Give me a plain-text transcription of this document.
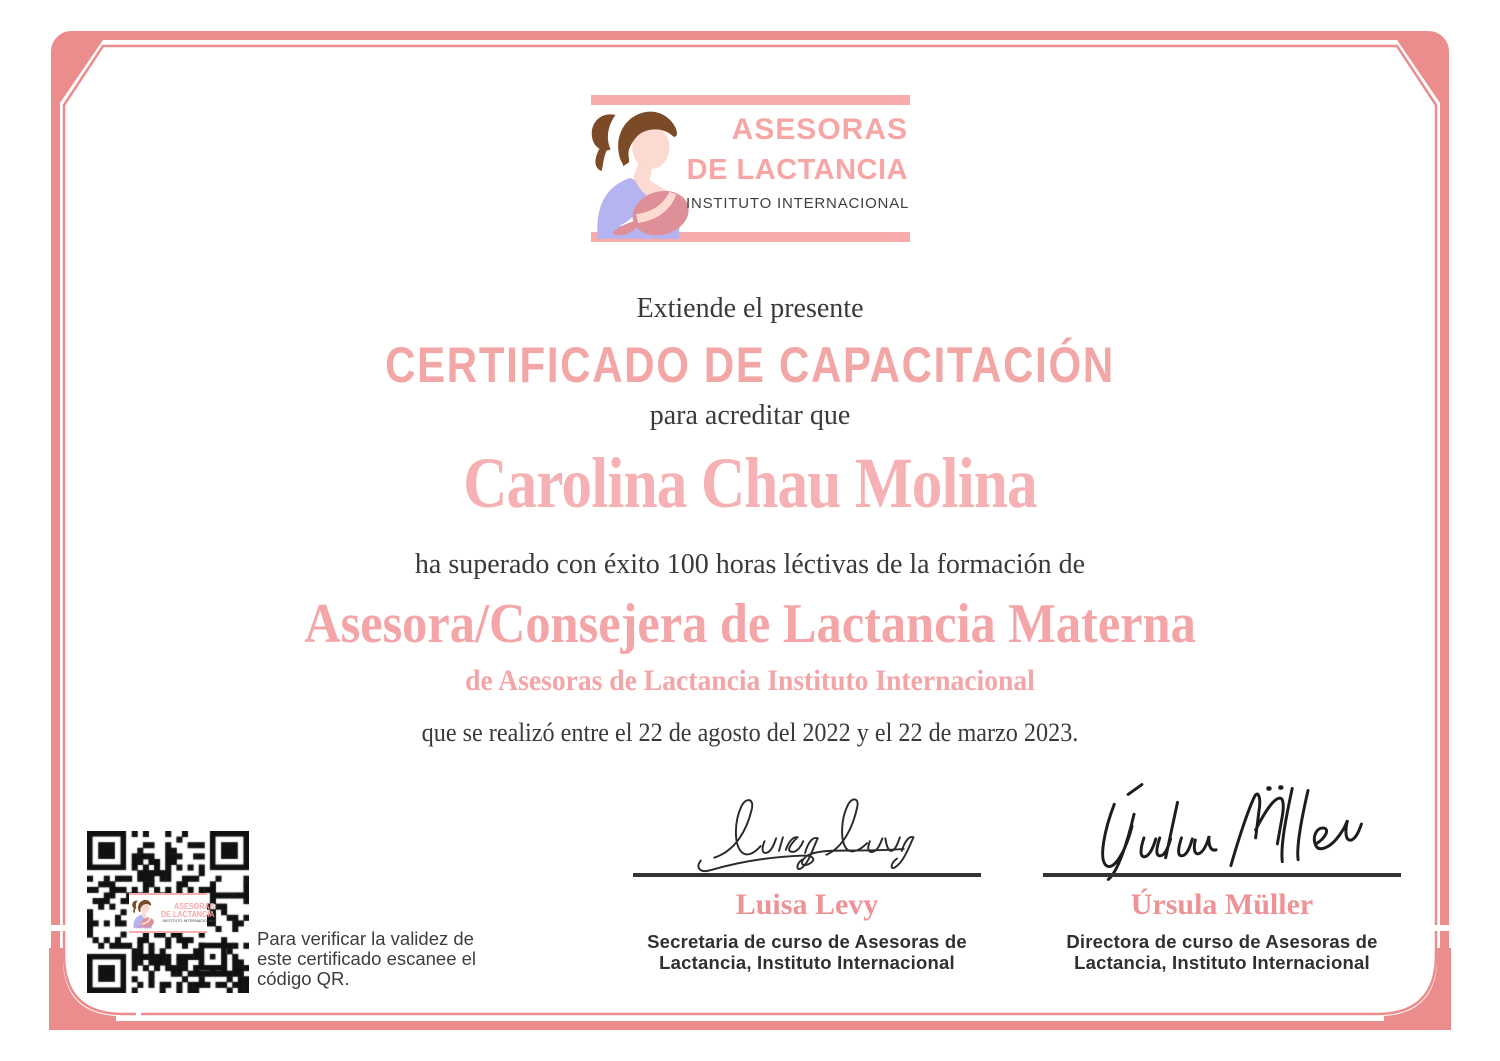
ASESORAS
DE LACTANCIA
INSTITUTO INTERNACIONAL

Extiende el presente

CERTIFICADO DE CAPACITACIÓN

para acreditar que

Carolina Chau Molina

ha superado con éxito 100 horas léctivas de la formación de

Asesora/Consejera de Lactancia Materna
de Asesoras de Lactancia Instituto Internacional

que se realizó entre el 22 de agosto del 2022 y el 22 de marzo 2023.

Luisa Levy
Secretaria de curso de Asesoras de
Lactancia, Instituto Internacional
Úrsula Müller
Directora de curso de Asesoras de
Lactancia, Instituto Internacional
ASESORAS
DE LACTANCIA
INSTITUTO INTERNACIONAL
Para verificar la validez de
este certificado escanee el
código QR.
